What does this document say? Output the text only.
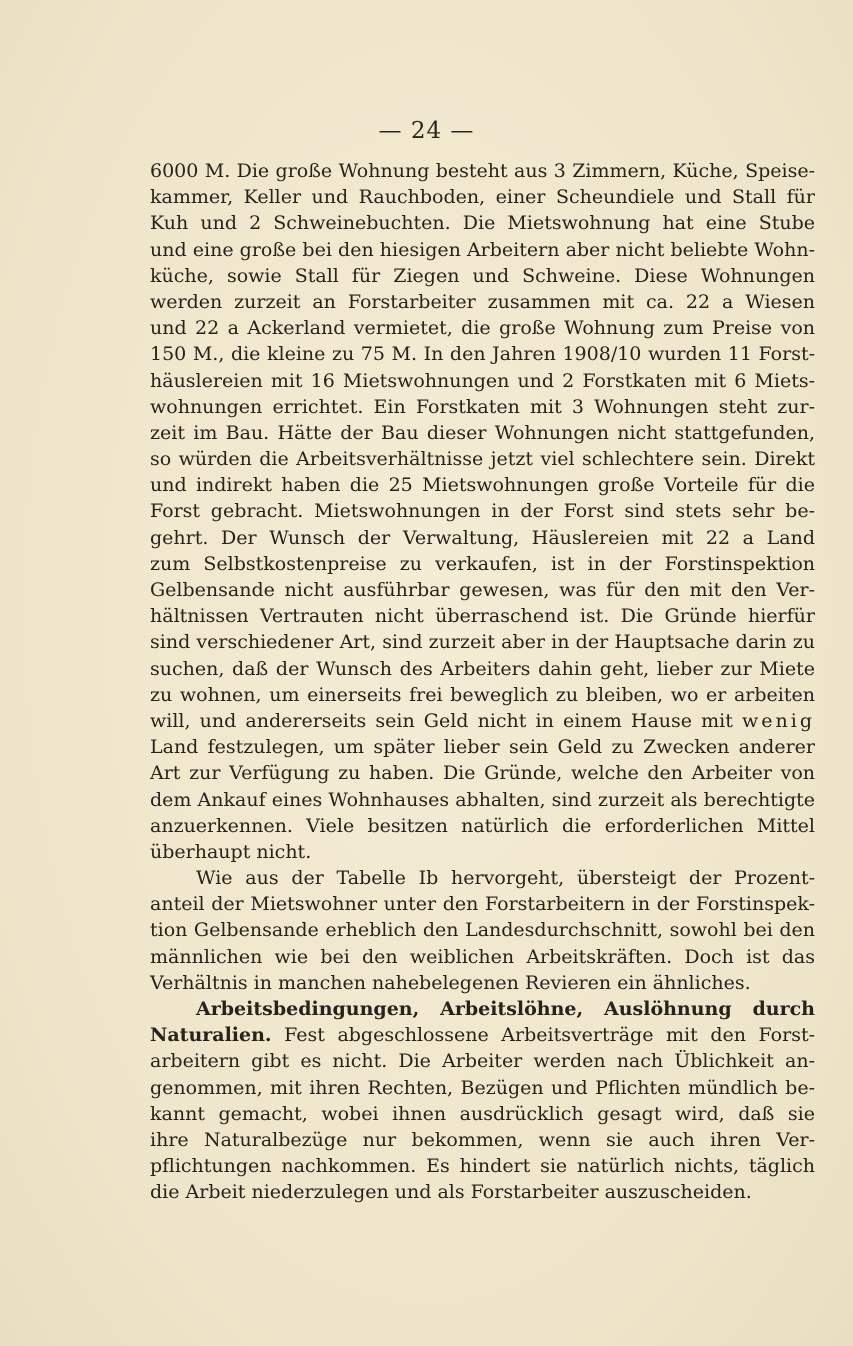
— 24 —
6000 M. Die große Wohnung besteht aus 3 Zimmern, Küche, Speise-
kammer, Keller und Rauchboden, einer Scheundiele und Stall für
Kuh und 2 Schweinebuchten. Die Mietswohnung hat eine Stube
und eine große bei den hiesigen Arbeitern aber nicht beliebte Wohn-
küche, sowie Stall für Ziegen und Schweine. Diese Wohnungen
werden zurzeit an Forstarbeiter zusammen mit ca. 22 a Wiesen
und 22 a Ackerland vermietet, die große Wohnung zum Preise von
150 M., die kleine zu 75 M. In den Jahren 1908/10 wurden 11 Forst-
häuslereien mit 16 Mietswohnungen und 2 Forstkaten mit 6 Miets-
wohnungen errichtet. Ein Forstkaten mit 3 Wohnungen steht zur-
zeit im Bau. Hätte der Bau dieser Wohnungen nicht stattgefunden,
so würden die Arbeitsverhältnisse jetzt viel schlechtere sein. Direkt
und indirekt haben die 25 Mietswohnungen große Vorteile für die
Forst gebracht. Mietswohnungen in der Forst sind stets sehr be-
gehrt. Der Wunsch der Verwaltung, Häuslereien mit 22 a Land
zum Selbstkostenpreise zu verkaufen, ist in der Forstinspektion
Gelbensande nicht ausführbar gewesen, was für den mit den Ver-
hältnissen Vertrauten nicht überraschend ist. Die Gründe hierfür
sind verschiedener Art, sind zurzeit aber in der Hauptsache darin zu
suchen, daß der Wunsch des Arbeiters dahin geht, lieber zur Miete
zu wohnen, um einerseits frei beweglich zu bleiben, wo er arbeiten
will, und andererseits sein Geld nicht in einem Hause mit wenig
Land festzulegen, um später lieber sein Geld zu Zwecken anderer
Art zur Verfügung zu haben. Die Gründe, welche den Arbeiter von
dem Ankauf eines Wohnhauses abhalten, sind zurzeit als berechtigte
anzuerkennen. Viele besitzen natürlich die erforderlichen Mittel
überhaupt nicht.
Wie aus der Tabelle Ib hervorgeht, übersteigt der Prozent-
anteil der Mietswohner unter den Forstarbeitern in der Forstinspek-
tion Gelbensande erheblich den Landesdurchschnitt, sowohl bei den
männlichen wie bei den weiblichen Arbeitskräften. Doch ist das
Verhältnis in manchen nahebelegenen Revieren ein ähnliches.
Arbeitsbedingungen, Arbeitslöhne, Auslöhnung durch
Naturalien. Fest abgeschlossene Arbeitsverträge mit den Forst-
arbeitern gibt es nicht. Die Arbeiter werden nach Üblichkeit an-
genommen, mit ihren Rechten, Bezügen und Pflichten mündlich be-
kannt gemacht, wobei ihnen ausdrücklich gesagt wird, daß sie
ihre Naturalbezüge nur bekommen, wenn sie auch ihren Ver-
pflichtungen nachkommen. Es hindert sie natürlich nichts, täglich
die Arbeit niederzulegen und als Forstarbeiter auszuscheiden.
